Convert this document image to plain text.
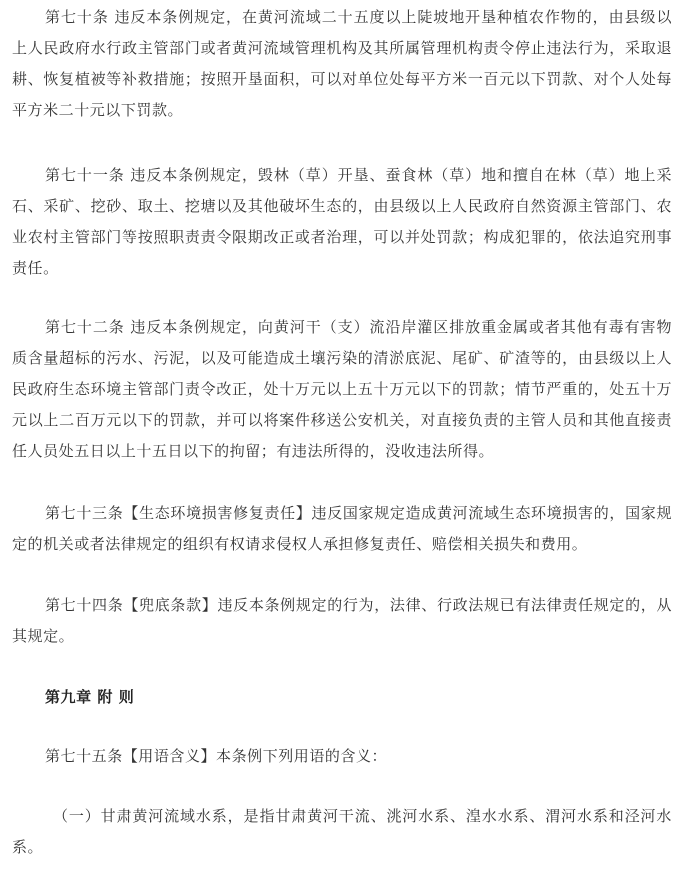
第七十条 违反本条例规定，在黄河流域二十五度以上陡坡地开垦种植农作物的，由县级以上人民政府水行政主管部门或者黄河流域管理机构及其所属管理机构责令停止违法行为，采取退耕、恢复植被等补救措施；按照开垦面积，可以对单位处每平方米一百元以下罚款、对个人处每平方米二十元以下罚款。

第七十一条 违反本条例规定，毁林（草）开垦、蚕食林（草）地和擅自在林（草）地上采石、采矿、挖砂、取土、挖塘以及其他破坏生态的，由县级以上人民政府自然资源主管部门、农业农村主管部门等按照职责责令限期改正或者治理，可以并处罚款；构成犯罪的，依法追究刑事责任。

第七十二条 违反本条例规定，向黄河干（支）流沿岸灌区排放重金属或者其他有毒有害物质含量超标的污水、污泥，以及可能造成土壤污染的清淤底泥、尾矿、矿渣等的，由县级以上人民政府生态环境主管部门责令改正，处十万元以上五十万元以下的罚款；情节严重的，处五十万元以上二百万元以下的罚款，并可以将案件移送公安机关，对直接负责的主管人员和其他直接责任人员处五日以上十五日以下的拘留；有违法所得的，没收违法所得。

第七十三条【生态环境损害修复责任】违反国家规定造成黄河流域生态环境损害的，国家规定的机关或者法律规定的组织有权请求侵权人承担修复责任、赔偿相关损失和费用。

第七十四条【兜底条款】违反本条例规定的行为，法律、行政法规已有法律责任规定的，从其规定。

第九章 附 则

第七十五条【用语含义】本条例下列用语的含义：

（一）甘肃黄河流域水系，是指甘肃黄河干流、洮河水系、湟水水系、渭河水系和泾河水系。
